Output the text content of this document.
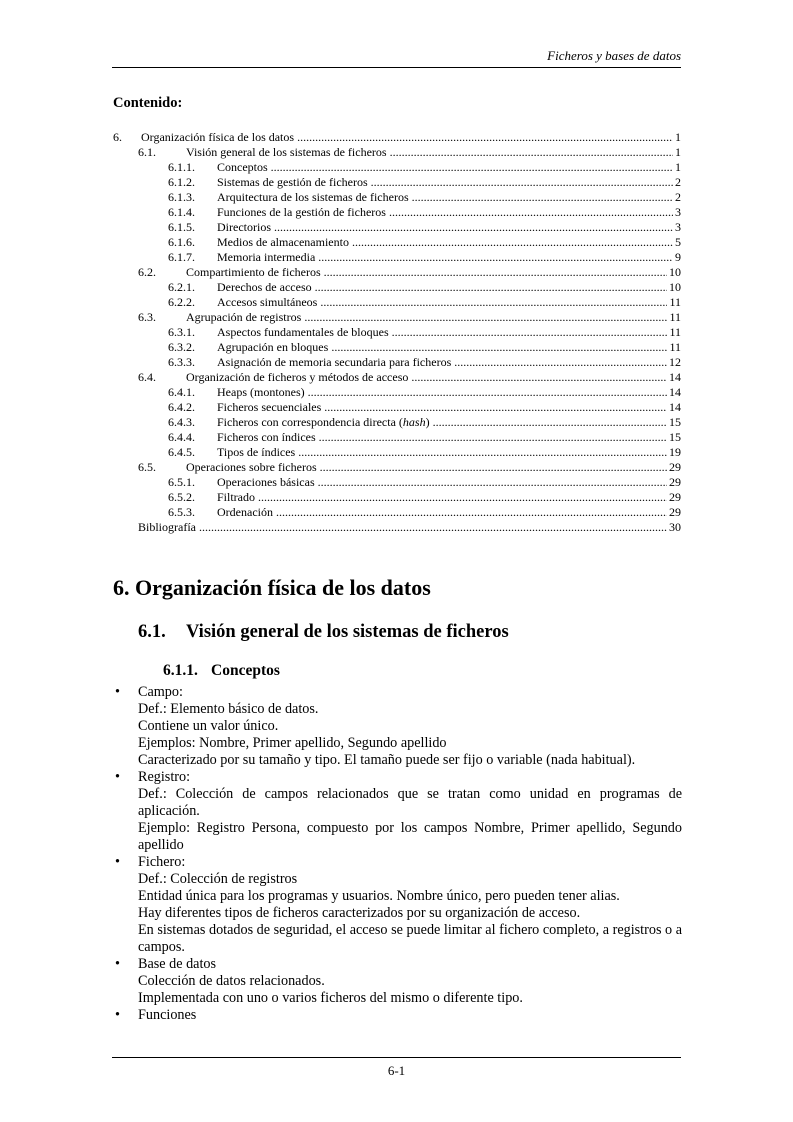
Ficheros y bases de datos
Contenido:
6. Organización física de los datos .....	1
6.1.	Visión general de los sistemas de ficheros .....	1
6.1.1. Conceptos .....	1
6.1.2. Sistemas de gestión de ficheros .....	2
6.1.3. Arquitectura de los sistemas de ficheros .....	2
6.1.4. Funciones de la gestión de ficheros .....	3
6.1.5. Directorios .....	3
6.1.6. Medios de almacenamiento .....	5
6.1.7. Memoria intermedia .....	9
6.2.	Compartimiento de ficheros .....	10
6.2.1. Derechos de acceso .....	10
6.2.2. Accesos simultáneos .....	11
6.3.	Agrupación de registros .....	11
6.3.1. Aspectos fundamentales de bloques .....	11
6.3.2. Agrupación en bloques .....	11
6.3.3. Asignación de memoria secundaria para ficheros .....	12
6.4.	Organización de ficheros y métodos de acceso .....	14
6.4.1. Heaps (montones) .....	14
6.4.2. Ficheros secuenciales .....	14
6.4.3. Ficheros con correspondencia directa (hash) .....	15
6.4.4. Ficheros con índices .....	15
6.4.5. Tipos de índices .....	19
6.5.	Operaciones sobre ficheros .....	29
6.5.1. Operaciones básicas .....	29
6.5.2. Filtrado .....	29
6.5.3. Ordenación .....	29
Bibliografía .....	30
6. Organización física de los datos
6.1. Visión general de los sistemas de ficheros
6.1.1. Conceptos
• Campo:

Def.: Elemento básico de datos.

Contiene un valor único.

Ejemplos: Nombre, Primer apellido, Segundo apellido

Caracterizado por su tamaño y tipo. El tamaño puede ser fijo o variable (nada habitual).

• Registro:

Def.: Colección de campos relacionados que se tratan como unidad en programas de aplicación.

Ejemplo: Registro Persona, compuesto por los campos Nombre, Primer apellido, Segundo apellido

• Fichero:

Def.: Colección de registros

Entidad única para los programas y usuarios. Nombre único, pero pueden tener alias.

Hay diferentes tipos de ficheros caracterizados por su organización de acceso.

En sistemas dotados de seguridad, el acceso se puede limitar al fichero completo, a registros o a campos.

• Base de datos

Colección de datos relacionados.

Implementada con uno o varios ficheros del mismo o diferente tipo.

• Funciones

6-1
